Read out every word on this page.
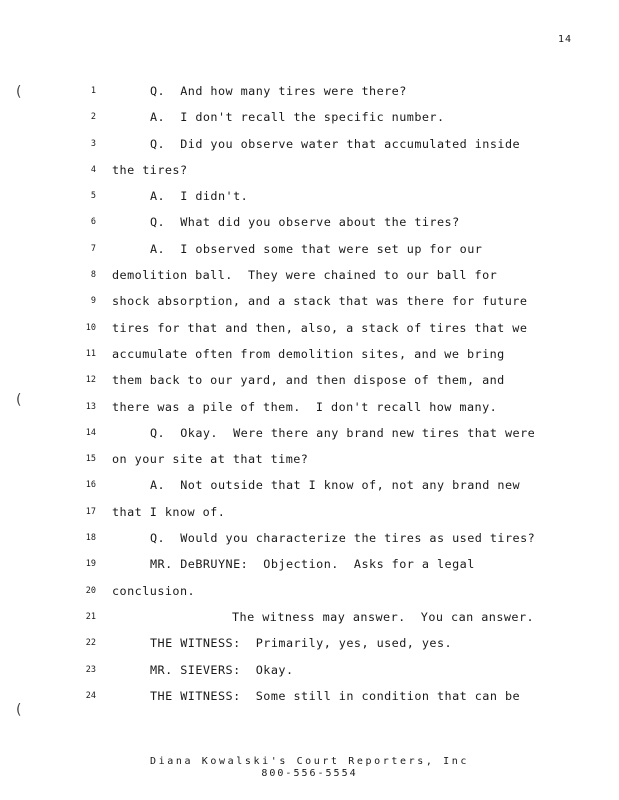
14
(
(
(
1	Q.  And how many tires were there?
2	A.  I don't recall the specific number.
3	Q.  Did you observe water that accumulated inside
4 the tires?
5	A.  I didn't.
6	Q.  What did you observe about the tires?
7	A.  I observed some that were set up for our
8 demolition ball.  They were chained to our ball for
9 shock absorption, and a stack that was there for future
10 tires for that and then, also, a stack of tires that we
11 accumulate often from demolition sites, and we bring
12 them back to our yard, and then dispose of them, and
13 there was a pile of them.  I don't recall how many.
14	Q.  Okay.  Were there any brand new tires that were
15 on your site at that time?
16	A.  Not outside that I know of, not any brand new
17 that I know of.
18	Q.  Would you characterize the tires as used tires?
19	MR. DeBRUYNE:  Objection.  Asks for a legal
20 conclusion.
21	The witness may answer.  You can answer.
22	THE WITNESS:  Primarily, yes, used, yes.
23	MR. SIEVERS:  Okay.
24	THE WITNESS:  Some still in condition that can be
Diana Kowalski's Court Reporters, Inc
800-556-5554
